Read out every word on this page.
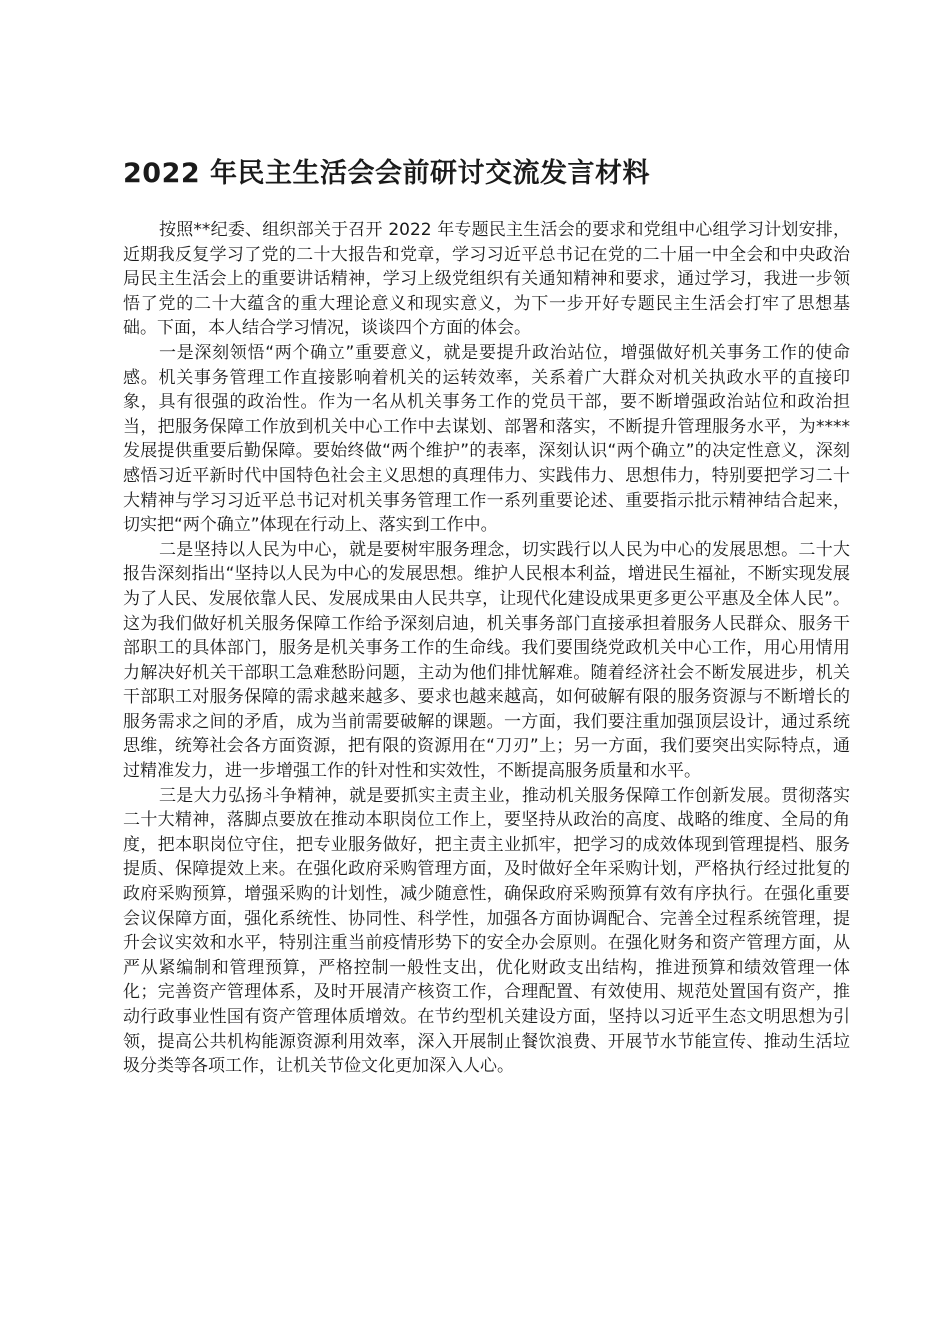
2022 年民主生活会会前研讨交流发言材料

按照**纪委、组织部关于召开 2022 年专题民主生活会的要求和党组中心组学习计划安排，近期我反复学习了党的二十大报告和党章，学习习近平总书记在党的二十届一中全会和中央政治局民主生活会上的重要讲话精神，学习上级党组织有关通知精神和要求，通过学习，我进一步领悟了党的二十大蕴含的重大理论意义和现实意义，为下一步开好专题民主生活会打牢了思想基础。下面，本人结合学习情况，谈谈四个方面的体会。

一是深刻领悟“两个确立”重要意义，就是要提升政治站位，增强做好机关事务工作的使命感。机关事务管理工作直接影响着机关的运转效率，关系着广大群众对机关执政水平的直接印象，具有很强的政治性。作为一名从机关事务工作的党员干部，要不断增强政治站位和政治担当，把服务保障工作放到机关中心工作中去谋划、部署和落实，不断提升管理服务水平，为****发展提供重要后勤保障。要始终做“两个维护”的表率，深刻认识“两个确立”的决定性意义，深刻感悟习近平新时代中国特色社会主义思想的真理伟力、实践伟力、思想伟力，特别要把学习二十大精神与学习习近平总书记对机关事务管理工作一系列重要论述、重要指示批示精神结合起来，切实把“两个确立”体现在行动上、落实到工作中。

二是坚持以人民为中心，就是要树牢服务理念，切实践行以人民为中心的发展思想。二十大报告深刻指出“坚持以人民为中心的发展思想。维护人民根本利益，增进民生福祉，不断实现发展为了人民、发展依靠人民、发展成果由人民共享，让现代化建设成果更多更公平惠及全体人民”。这为我们做好机关服务保障工作给予深刻启迪，机关事务部门直接承担着服务人民群众、服务干部职工的具体部门，服务是机关事务工作的生命线。我们要围绕党政机关中心工作，用心用情用力解决好机关干部职工急难愁盼问题，主动为他们排忧解难。随着经济社会不断发展进步，机关干部职工对服务保障的需求越来越多、要求也越来越高，如何破解有限的服务资源与不断增长的服务需求之间的矛盾，成为当前需要破解的课题。一方面，我们要注重加强顶层设计，通过系统思维，统筹社会各方面资源，把有限的资源用在“刀刃”上；另一方面，我们要突出实际特点，通过精准发力，进一步增强工作的针对性和实效性，不断提高服务质量和水平。

三是大力弘扬斗争精神，就是要抓实主责主业，推动机关服务保障工作创新发展。贯彻落实二十大精神，落脚点要放在推动本职岗位工作上，要坚持从政治的高度、战略的维度、全局的角度，把本职岗位守住，把专业服务做好，把主责主业抓牢，把学习的成效体现到管理提档、服务提质、保障提效上来。在强化政府采购管理方面，及时做好全年采购计划，严格执行经过批复的政府采购预算，增强采购的计划性，减少随意性，确保政府采购预算有效有序执行。在强化重要会议保障方面，强化系统性、协同性、科学性，加强各方面协调配合、完善全过程系统管理，提升会议实效和水平，特别注重当前疫情形势下的安全办会原则。在强化财务和资产管理方面，从严从紧编制和管理预算，严格控制一般性支出，优化财政支出结构，推进预算和绩效管理一体化；完善资产管理体系，及时开展清产核资工作，合理配置、有效使用、规范处置国有资产，推动行政事业性国有资产管理体质增效。在节约型机关建设方面，坚持以习近平生态文明思想为引领，提高公共机构能源资源利用效率，深入开展制止餐饮浪费、开展节水节能宣传、推动生活垃圾分类等各项工作，让机关节俭文化更加深入人心。
